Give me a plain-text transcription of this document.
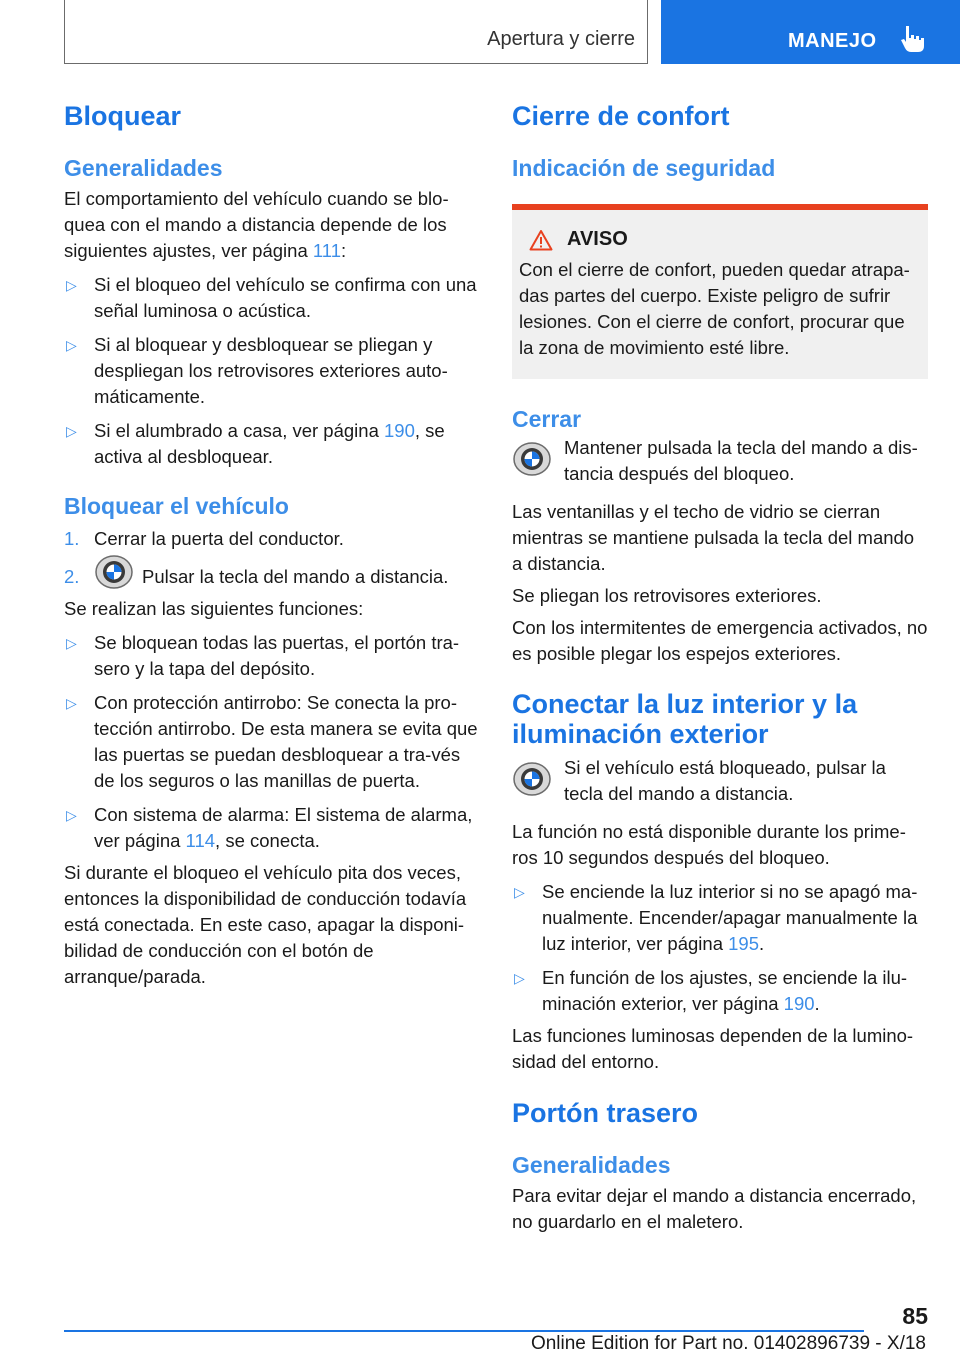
Apertura y cierre	MANEJO
Bloquear
Generalidades

El comportamiento del vehículo cuando se blo-quea con el mando a distancia depende de los siguientes ajustes, ver página 111:

▷ Si el bloqueo del vehículo se confirma con una señal luminosa o acústica.
▷ Si al bloquear y desbloquear se pliegan y despliegan los retrovisores exteriores auto-máticamente.
▷ Si el alumbrado a casa, ver página 190, se activa al desbloquear.
Bloquear el vehículo
1. Cerrar la puerta del conductor.
2.	Pulsar la tecla del mando a distancia.

Se realizan las siguientes funciones:

▷ Se bloquean todas las puertas, el portón tra-sero y la tapa del depósito.
▷ Con protección antirrobo: Se conecta la pro-tección antirrobo. De esta manera se evita que las puertas se puedan desbloquear a tra-vés de los seguros o las manillas de puerta.
▷ Con sistema de alarma: El sistema de alarma, ver página 114, se conecta.

Si durante el bloqueo el vehículo pita dos veces, entonces la disponibilidad de conducción todavía está conectada. En este caso, apagar la disponi-bilidad de conducción con el botón de arranque/parada.

Cierre de confort
Indicación de seguridad
AVISO

Con el cierre de confort, pueden quedar atrapa-das partes del cuerpo. Existe peligro de sufrir lesiones. Con el cierre de confort, procurar que la zona de movimiento esté libre.

Cerrar

Mantener pulsada la tecla del mando a dis-tancia después del bloqueo.

Las ventanillas y el techo de vidrio se cierran mientras se mantiene pulsada la tecla del mando a distancia.

Se pliegan los retrovisores exteriores.

Con los intermitentes de emergencia activados, no es posible plegar los espejos exteriores.

Conectar la luz interior y la iluminación exterior

Si el vehículo está bloqueado, pulsar la tecla del mando a distancia.

La función no está disponible durante los prime-ros 10 segundos después del bloqueo.

▷ Se enciende la luz interior si no se apagó ma-nualmente. Encender/apagar manualmente la luz interior, ver página 195.
▷ En función de los ajustes, se enciende la ilu-minación exterior, ver página 190.

Las funciones luminosas dependen de la lumino-sidad del entorno.

Portón trasero
Generalidades

Para evitar dejar el mando a distancia encerrado, no guardarlo en el maletero.

85
Online Edition for Part no. 01402896739 - X/18
